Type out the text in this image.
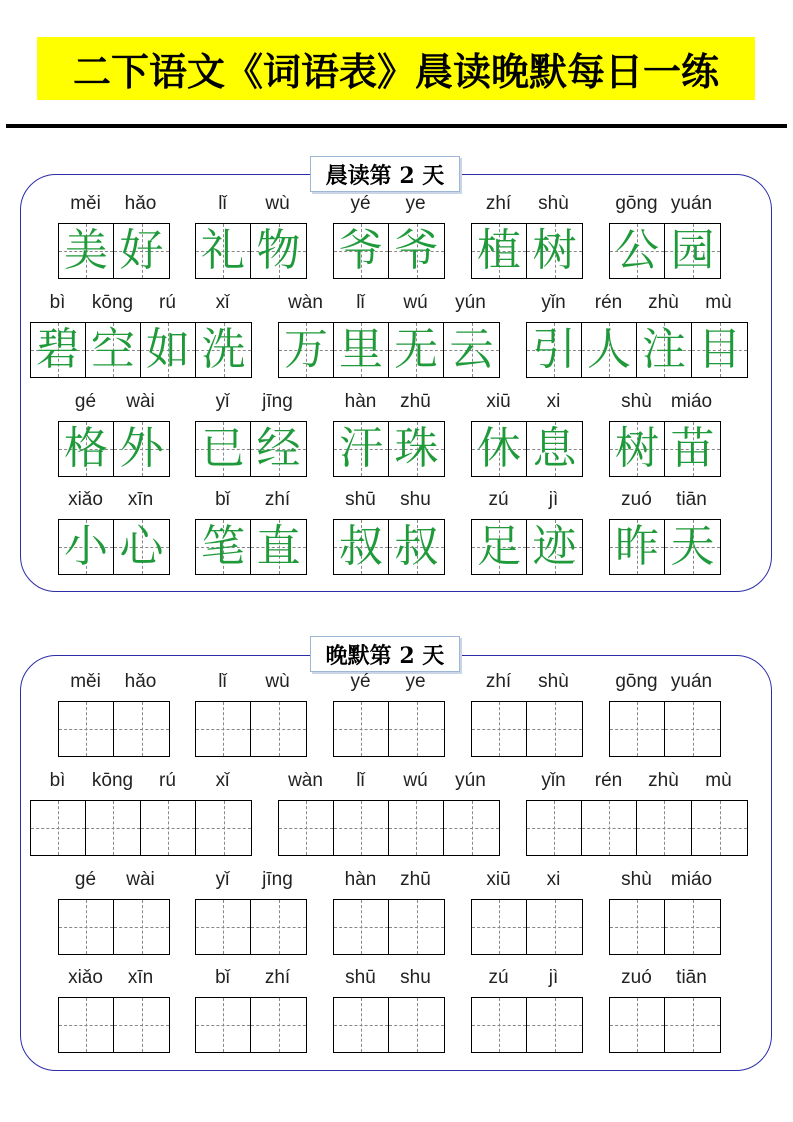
二下语文《词语表》晨读晚默每日一练
晨读第 2 天
měi	hǎo
美 好
lǐ	wù
礼 物
yé	ye
爷 爷
zhí	shù
植 树
gōng yuán
公 园
bì	kōng	rú	xǐ
碧 空 如 洗
wàn	lǐ	wú	yún
万 里 无 云
yǐn	rén	zhù	mù
引 人 注 目
gé	wài
格 外
yǐ	jīng
已 经
hàn	zhū
汗 珠
xiū	xi
休 息
shù	miáo
树 苗
xiǎo	xīn
小 心
bǐ	zhí
笔 直
shū	shu
叔 叔
zú	jì
足 迹
zuó	tiān
昨 天
晚默第 2 天
měi	hǎo	lǐ	wù	yé	ye	zhí	shù	gōng yuán
bì	kōng	rú	xǐ	wàn	lǐ	wú	yún	yǐn	rén	zhù	mù
gé	wài	yǐ	jīng	hàn	zhū	xiū	xi	shù	miáo
xiǎo	xīn	bǐ	zhí	shū	shu	zú	jì	zuó	tiān
